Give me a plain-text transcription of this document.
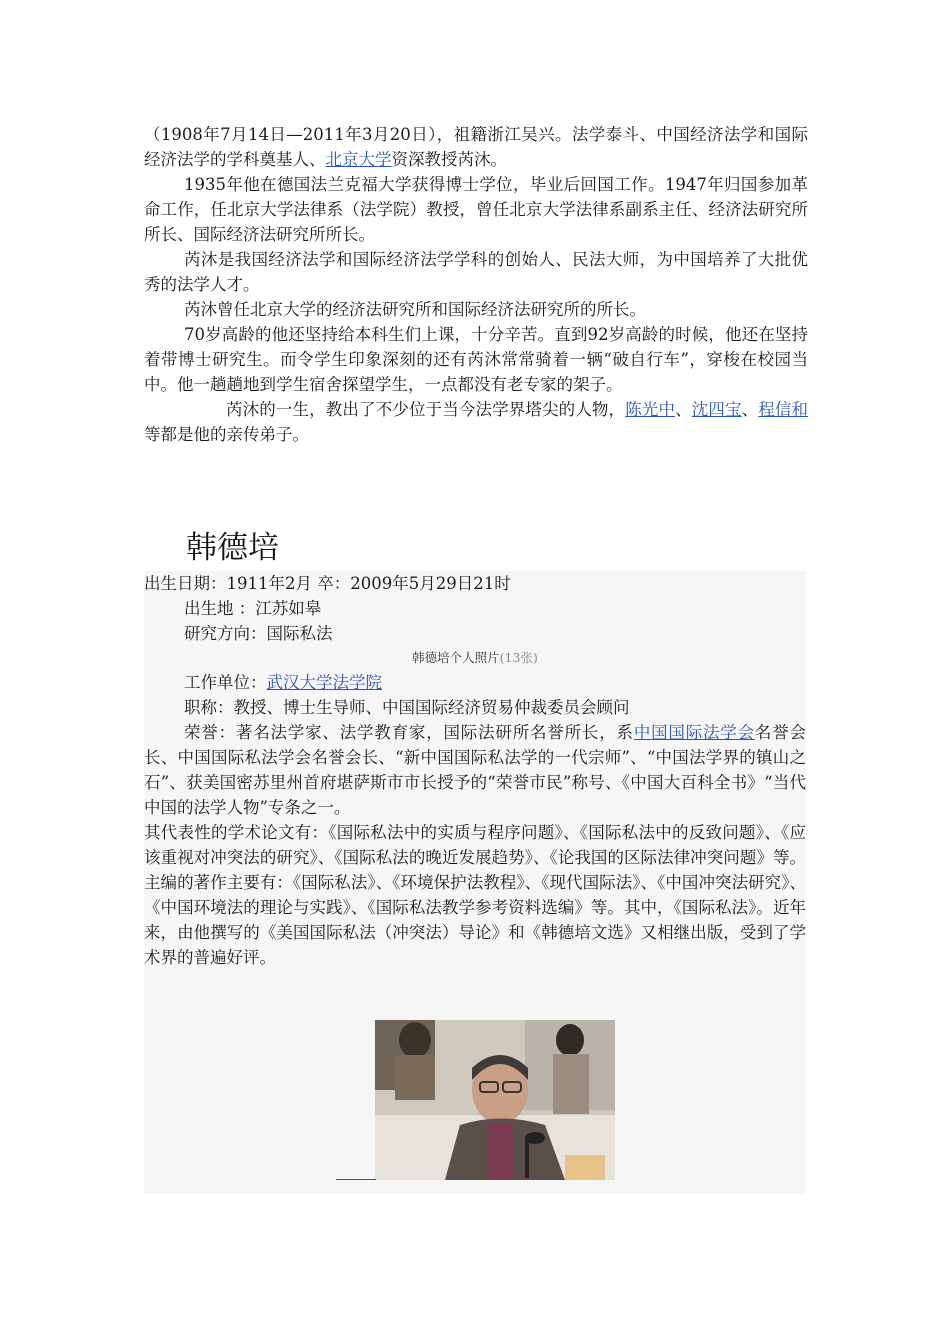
（1908年7月14日—2011年3月20日），祖籍浙江吴兴。法学泰斗、中国经济法学和国际经济法学的学科奠基人、北京大学资深教授芮沐。

1935年他在德国法兰克福大学获得博士学位，毕业后回国工作。1947年归国参加革命工作，任北京大学法律系（法学院）教授，曾任北京大学法律系副系主任、经济法研究所所长、国际经济法研究所所长。

芮沐是我国经济法学和国际经济法学学科的创始人、民法大师，为中国培养了大批优秀的法学人才。

芮沐曾任北京大学的经济法研究所和国际经济法研究所的所长。

70岁高龄的他还坚持给本科生们上课，十分辛苦。直到92岁高龄的时候，他还在坚持着带博士研究生。而令学生印象深刻的还有芮沐常常骑着一辆“破自行车”，穿梭在校园当中。他一趟趟地到学生宿舍探望学生，一点都没有老专家的架子。

芮沐的一生，教出了不少位于当今法学界塔尖的人物，陈光中、沈四宝、程信和等都是他的亲传弟子。

韩德培

出生日期：1911年2月 卒：2009年5月29日21时

出生地 ：江苏如皋

研究方向：国际私法

韩德培个人照片(13张)

工作单位：武汉大学法学院

职称：教授、博士生导师、中国国际经济贸易仲裁委员会顾问

荣誉：著名法学家、法学教育家，国际法研所名誉所长，系中国国际法学会名誉会长、中国国际私法学会名誉会长、“新中国国际私法学的一代宗师”、“中国法学界的镇山之石”、获美国密苏里州首府堪萨斯市市长授予的“荣誉市民”称号、《中国大百科全书》“当代中国的法学人物”专条之一。

其代表性的学术论文有：《国际私法中的实质与程序问题》、《国际私法中的反致问题》、《应该重视对冲突法的研究》、《国际私法的晚近发展趋势》、《论我国的区际法律冲突问题》等。主编的著作主要有：《国际私法》、《环境保护法教程》、《现代国际法》、《中国冲突法研究》、《中国环境法的理论与实践》、《国际私法教学参考资料选编》等。其中，《国际私法》。近年来，由他撰写的《美国国际私法（冲突法）导论》和《韩德培文选》又相继出版，受到了学术界的普遍好评。
